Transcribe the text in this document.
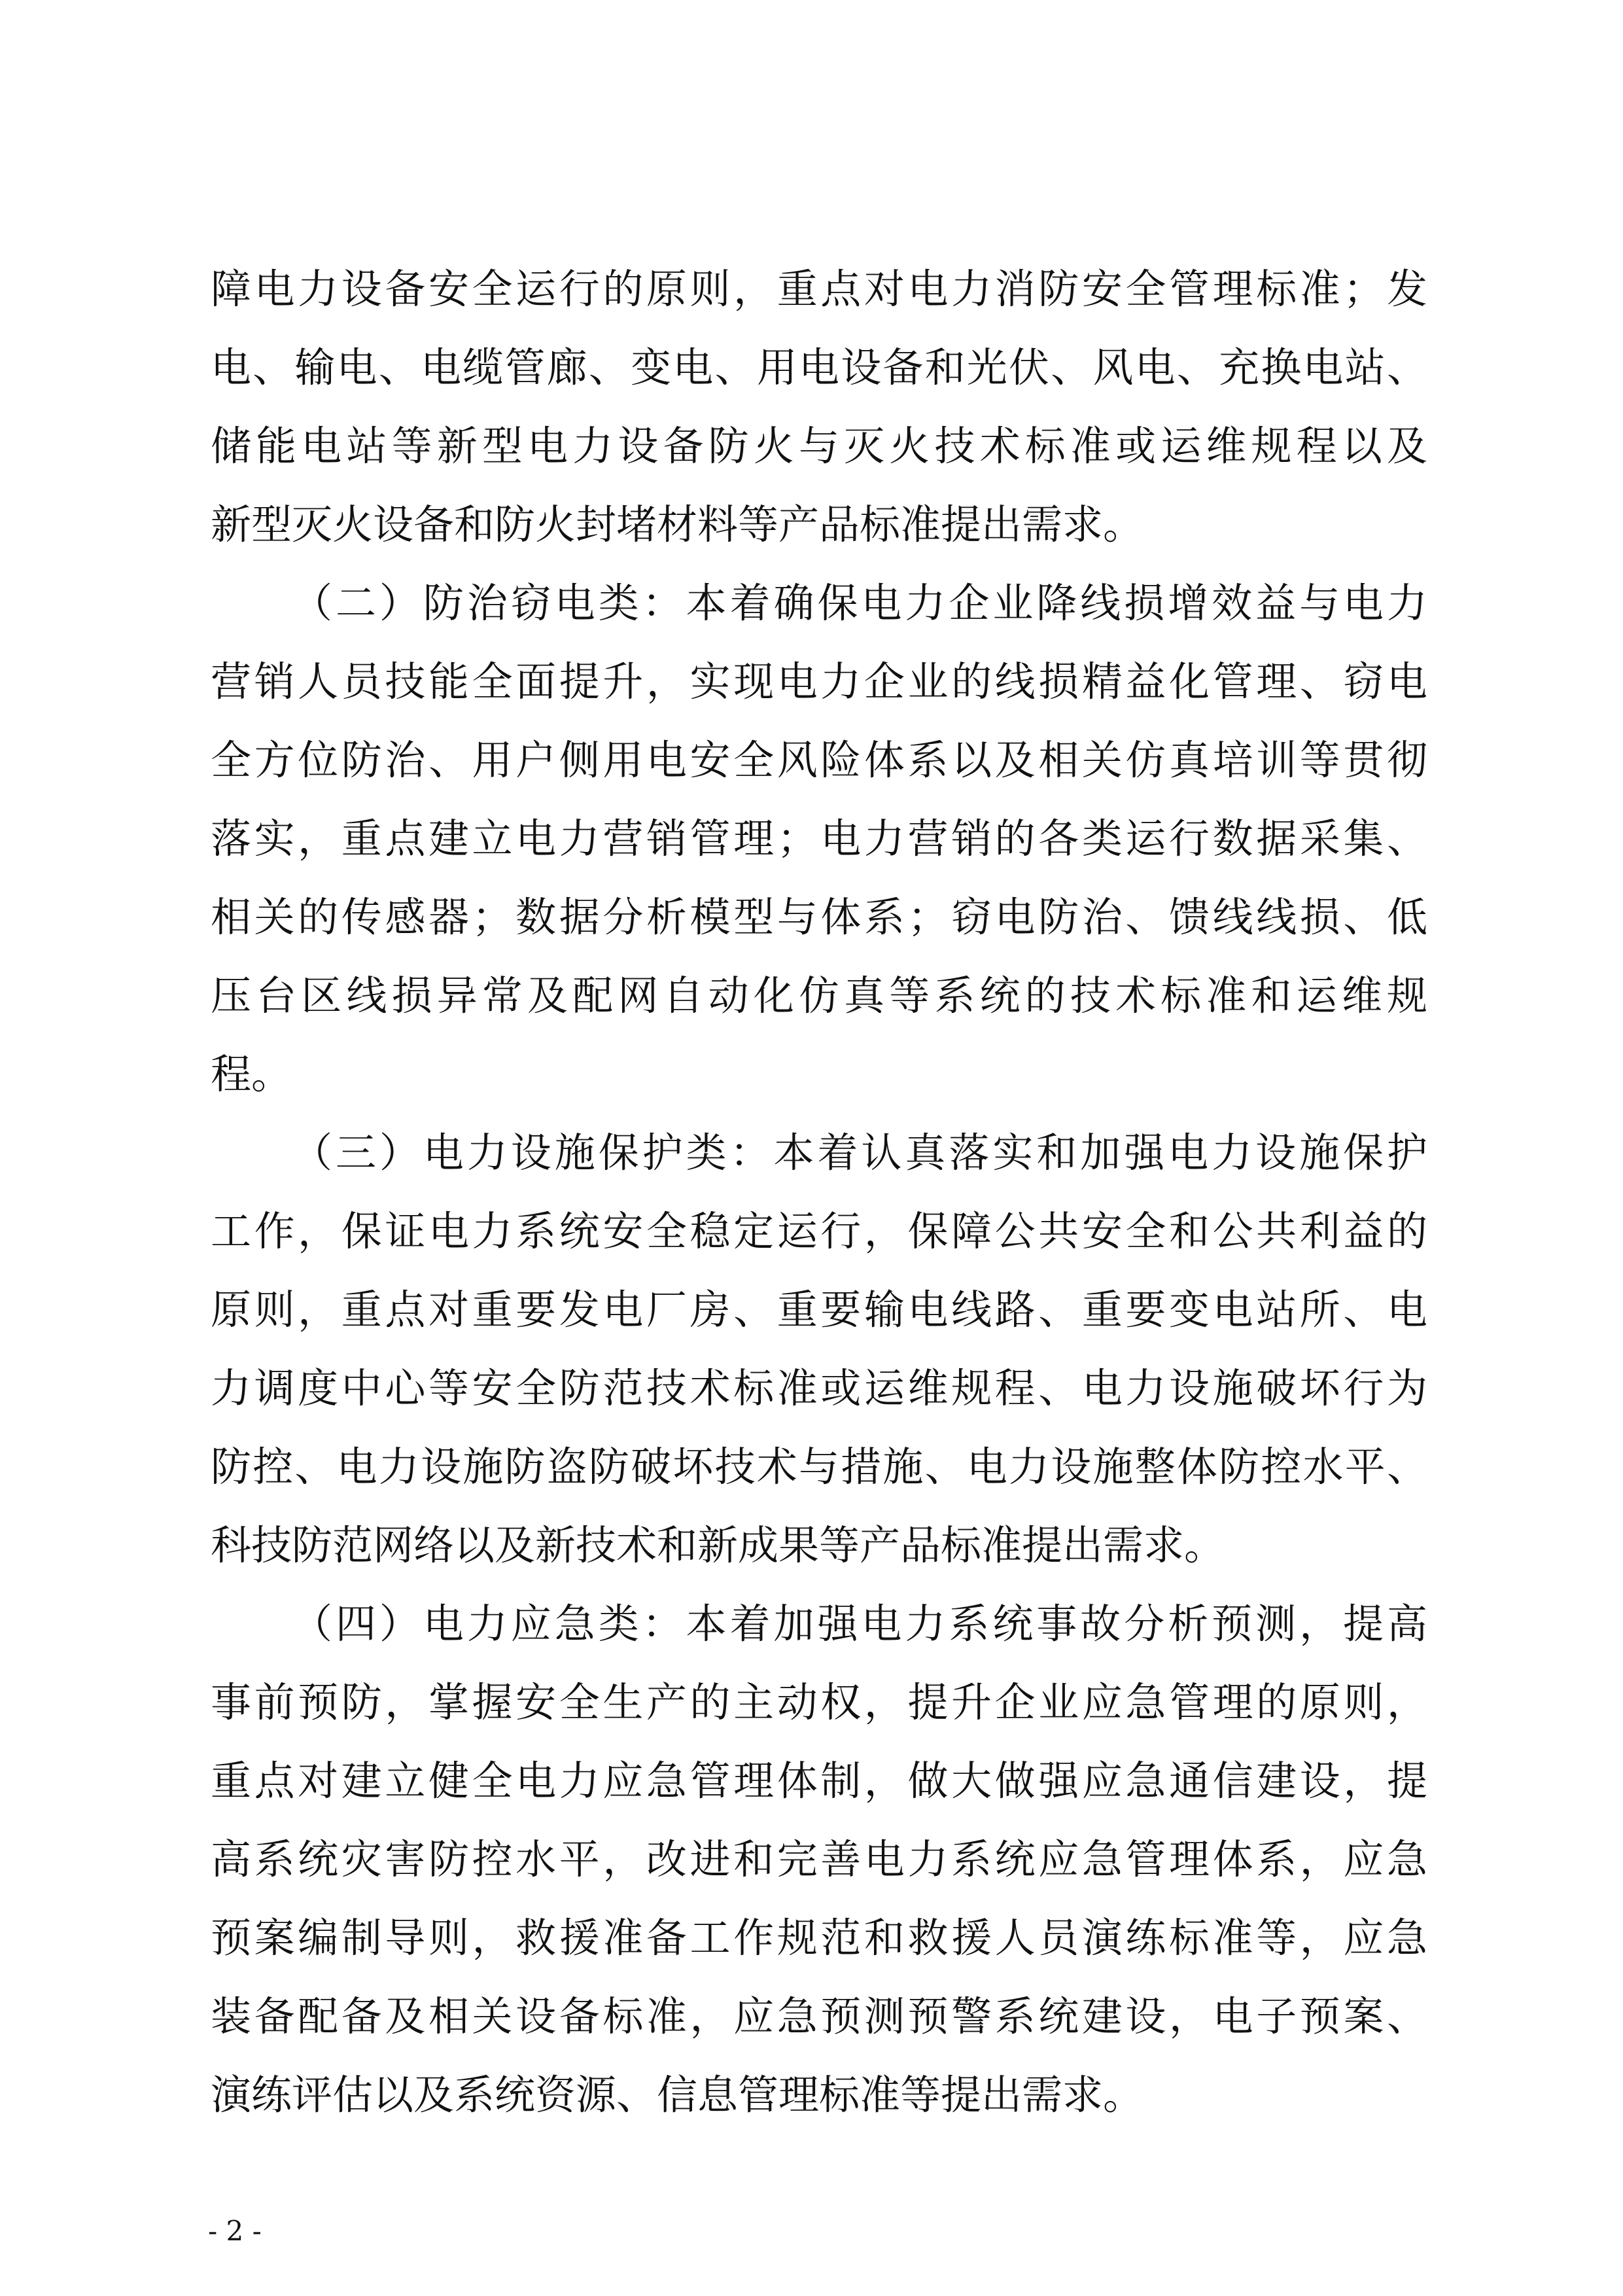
障电力设备安全运行的原则，重点对电力消防安全管理标准；发
电、输电、电缆管廊、变电、用电设备和光伏、风电、充换电站、
储能电站等新型电力设备防火与灭火技术标准或运维规程以及
新型灭火设备和防火封堵材料等产品标准提出需求。
（二）防治窃电类：本着确保电力企业降线损增效益与电力
营销人员技能全面提升，实现电力企业的线损精益化管理、窃电
全方位防治、用户侧用电安全风险体系以及相关仿真培训等贯彻
落实，重点建立电力营销管理；电力营销的各类运行数据采集、
相关的传感器；数据分析模型与体系；窃电防治、馈线线损、低
压台区线损异常及配网自动化仿真等系统的技术标准和运维规
程。
（三）电力设施保护类：本着认真落实和加强电力设施保护
工作，保证电力系统安全稳定运行，保障公共安全和公共利益的
原则，重点对重要发电厂房、重要输电线路、重要变电站所、电
力调度中心等安全防范技术标准或运维规程、电力设施破坏行为
防控、电力设施防盗防破坏技术与措施、电力设施整体防控水平、
科技防范网络以及新技术和新成果等产品标准提出需求。
（四）电力应急类：本着加强电力系统事故分析预测，提高
事前预防，掌握安全生产的主动权，提升企业应急管理的原则，
重点对建立健全电力应急管理体制，做大做强应急通信建设，提
高系统灾害防控水平，改进和完善电力系统应急管理体系，应急
预案编制导则，救援准备工作规范和救援人员演练标准等，应急
装备配备及相关设备标准，应急预测预警系统建设，电子预案、
演练评估以及系统资源、信息管理标准等提出需求。
- 2 -
